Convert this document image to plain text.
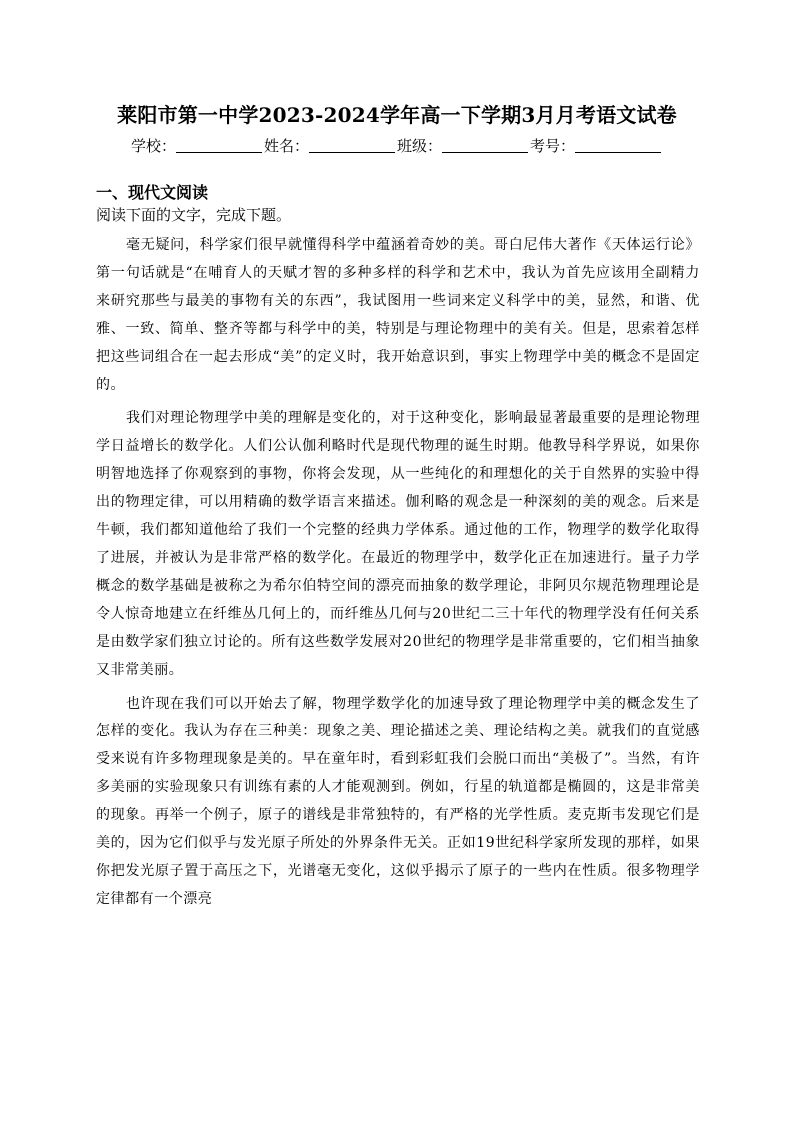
莱阳市第一中学2023-2024学年高一下学期3月月考语文试卷
学校：	姓名：	班级：	考号：
一、现代文阅读
阅读下面的文字，完成下题。

毫无疑问，科学家们很早就懂得科学中蕴涵着奇妙的美。哥白尼伟大著作《天体运行论》第一句话就是“在哺育人的天赋才智的多种多样的科学和艺术中，我认为首先应该用全副精力来研究那些与最美的事物有关的东西”，我试图用一些词来定义科学中的美，显然，和谐、优雅、一致、简单、整齐等都与科学中的美，特别是与理论物理中的美有关。但是，思索着怎样把这些词组合在一起去形成“美”的定义时，我开始意识到，事实上物理学中美的概念不是固定的。

我们对理论物理学中美的理解是变化的，对于这种变化，影响最显著最重要的是理论物理学日益增长的数学化。人们公认伽利略时代是现代物理的诞生时期。他教导科学界说，如果你明智地选择了你观察到的事物，你将会发现，从一些纯化的和理想化的关于自然界的实验中得出的物理定律，可以用精确的数学语言来描述。伽利略的观念是一种深刻的美的观念。后来是牛顿，我们都知道他给了我们一个完整的经典力学体系。通过他的工作，物理学的数学化取得了进展，并被认为是非常严格的数学化。在最近的物理学中，数学化正在加速进行。量子力学概念的数学基础是被称之为希尔伯特空间的漂亮而抽象的数学理论，非阿贝尔规范物理理论是令人惊奇地建立在纤维丛几何上的，而纤维丛几何与20世纪二三十年代的物理学没有任何关系是由数学家们独立讨论的。所有这些数学发展对20世纪的物理学是非常重要的，它们相当抽象又非常美丽。

也许现在我们可以开始去了解，物理学数学化的加速导致了理论物理学中美的概念发生了怎样的变化。我认为存在三种美：现象之美、理论描述之美、理论结构之美。就我们的直觉感受来说有许多物理现象是美的。早在童年时，看到彩虹我们会脱口而出“美极了”。当然，有许多美丽的实验现象只有训练有素的人才能观测到。例如，行星的轨道都是椭圆的，这是非常美的现象。再举一个例子，原子的谱线是非常独特的，有严格的光学性质。麦克斯韦发现它们是美的，因为它们似乎与发光原子所处的外界条件无关。正如19世纪科学家所发现的那样，如果你把发光原子置于高压之下，光谱毫无变化，这似乎揭示了原子的一些内在性质。很多物理学定律都有一个漂亮
